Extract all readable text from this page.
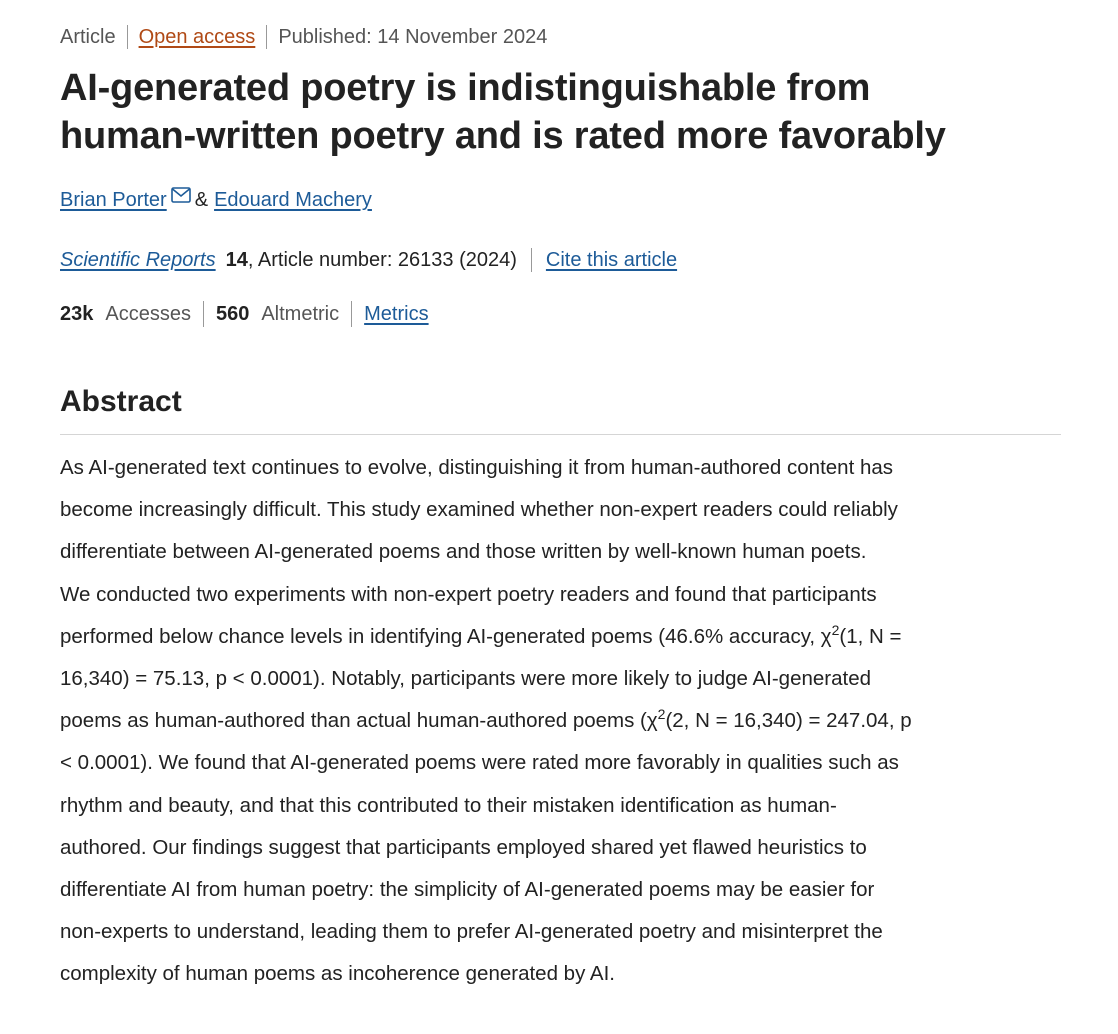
Article Open access Published: 14 November 2024
AI-generated poetry is indistinguishable from
human-written poetry and is rated more favorably
Brian Porter & Edouard Machery
Scientific Reports 14 , Article number: 26133 (2024) Cite this article
23k Accesses 560 Altmetric Metrics
Abstract
As AI-generated text continues to evolve, distinguishing it from human-authored content has
become increasingly difficult. This study examined whether non-expert readers could reliably
differentiate between AI-generated poems and those written by well-known human poets.
We conducted two experiments with non-expert poetry readers and found that participants
performed below chance levels in identifying AI-generated poems (46.6% accuracy, $\chi^2(1$, N =
16,340) = 75.13, p < 0.0001). Notably, participants were more likely to judge AI-generated
poems as human-authored than actual human-authored poems ($\chi^2(2$, N = 16,340) = 247.04, p
< 0.0001). We found that AI-generated poems were rated more favorably in qualities such as
rhythm and beauty, and that this contributed to their mistaken identification as human-
authored. Our findings suggest that participants employed shared yet flawed heuristics to
differentiate AI from human poetry: the simplicity of AI-generated poems may be easier for
non-experts to understand, leading them to prefer AI-generated poetry and misinterpret the
complexity of human poems as incoherence generated by AI.
